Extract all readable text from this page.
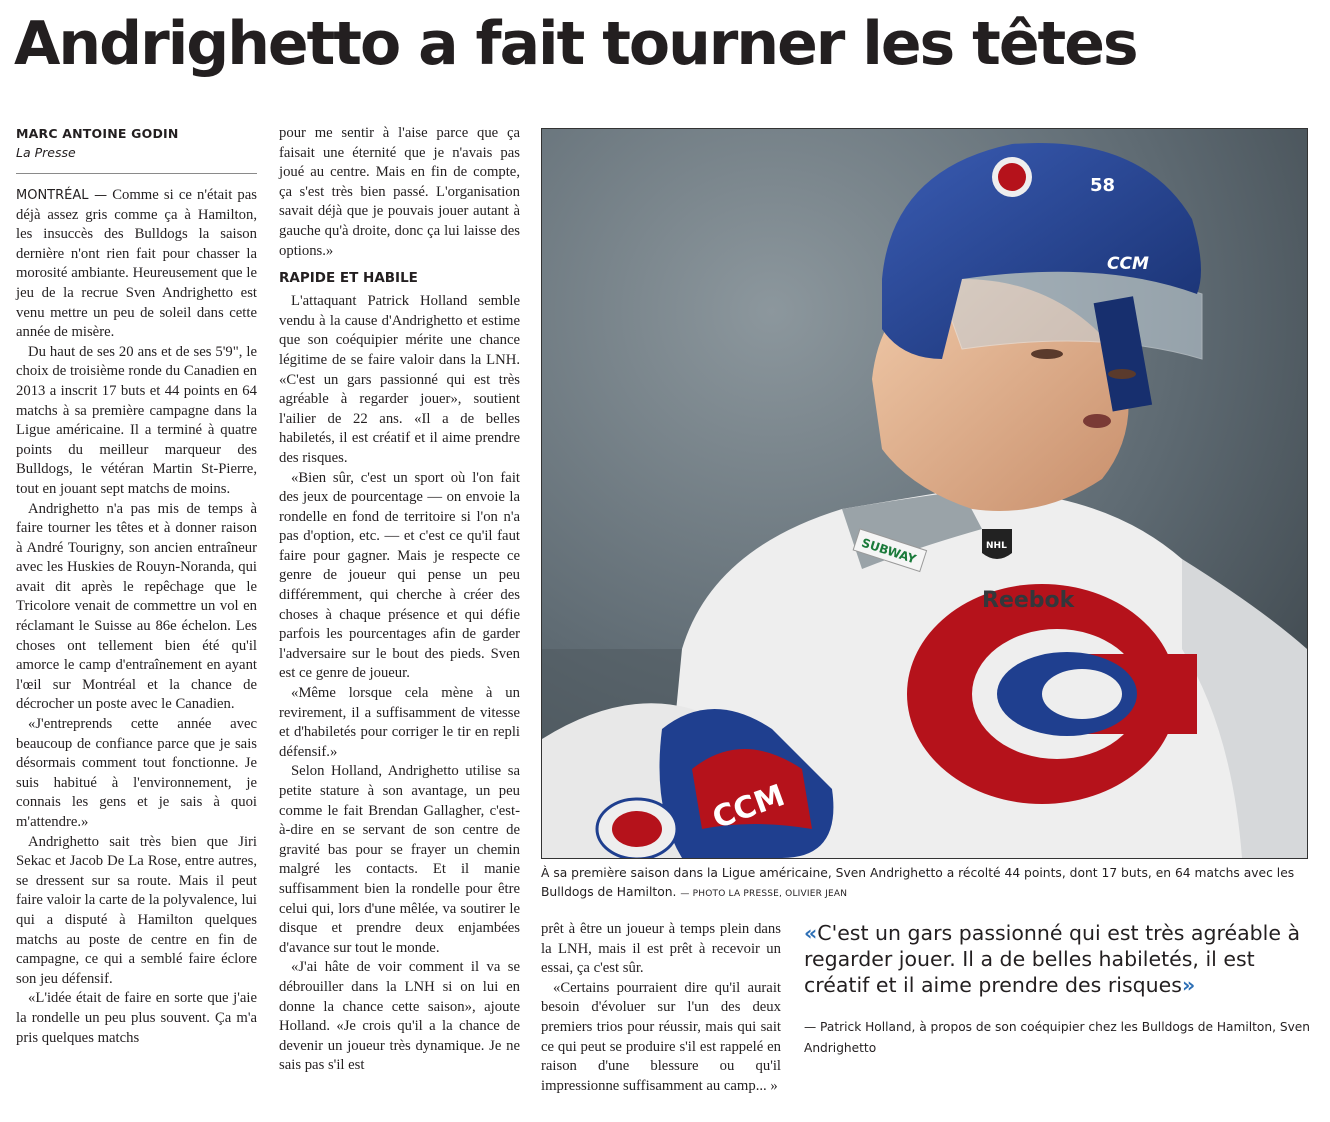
Andrighetto a fait tourner les têtes

MARC ANTOINE GODIN

La Presse

MONTRÉAL — Comme si ce n'était pas déjà assez gris comme ça à Hamilton, les insuccès des Bulldogs la saison dernière n'ont rien fait pour chasser la morosité ambiante. Heureusement que le jeu de la recrue Sven Andrighetto est venu mettre un peu de soleil dans cette année de misère.

Du haut de ses 20 ans et de ses 5'9", le choix de troisième ronde du Canadien en 2013 a inscrit 17 buts et 44 points en 64 matchs à sa première campagne dans la Ligue américaine. Il a terminé à quatre points du meilleur marqueur des Bulldogs, le vétéran Martin St-Pierre, tout en jouant sept matchs de moins.

Andrighetto n'a pas mis de temps à faire tourner les têtes et à donner raison à André Tourigny, son ancien entraîneur avec les Huskies de Rouyn-Noranda, qui avait dit après le repêchage que le Tricolore venait de commettre un vol en réclamant le Suisse au 86e échelon. Les choses ont tellement bien été qu'il amorce le camp d'entraînement en ayant l'œil sur Montréal et la chance de décrocher un poste avec le Canadien.

«J'entreprends cette année avec beaucoup de confiance parce que je sais désormais comment tout fonctionne. Je suis habitué à l'environnement, je connais les gens et je sais à quoi m'attendre.»

Andrighetto sait très bien que Jiri Sekac et Jacob De La Rose, entre autres, se dressent sur sa route. Mais il peut faire valoir la carte de la polyvalence, lui qui a disputé à Hamilton quelques matchs au poste de centre en fin de campagne, ce qui a semblé faire éclore son jeu défensif.

«L'idée était de faire en sorte que j'aie la rondelle un peu plus souvent. Ça m'a pris quelques matchs

pour me sentir à l'aise parce que ça faisait une éternité que je n'avais pas joué au centre. Mais en fin de compte, ça s'est très bien passé. L'organisation savait déjà que je pouvais jouer autant à gauche qu'à droite, donc ça lui laisse des options.»

RAPIDE ET HABILE

L'attaquant Patrick Holland semble vendu à la cause d'Andrighetto et estime que son coéquipier mérite une chance légitime de se faire valoir dans la LNH. «C'est un gars passionné qui est très agréable à regarder jouer», soutient l'ailier de 22 ans. «Il a de belles habiletés, il est créatif et il aime prendre des risques.

«Bien sûr, c'est un sport où l'on fait des jeux de pourcentage — on envoie la rondelle en fond de territoire si l'on n'a pas d'option, etc. — et c'est ce qu'il faut faire pour gagner. Mais je respecte ce genre de joueur qui pense un peu différemment, qui cherche à créer des choses à chaque présence et qui défie parfois les pourcentages afin de garder l'adversaire sur le bout des pieds. Sven est ce genre de joueur.

«Même lorsque cela mène à un revirement, il a suffisamment de vitesse et d'habiletés pour corriger le tir en repli défensif.»

Selon Holland, Andrighetto utilise sa petite stature à son avantage, un peu comme le fait Brendan Gallagher, c'est-à-dire en se servant de son centre de gravité bas pour se frayer un chemin malgré les contacts. Et il manie suffisamment bien la rondelle pour être celui qui, lors d'une mêlée, va soutirer le disque et prendre deux enjambées d'avance sur tout le monde.

«J'ai hâte de voir comment il va se débrouiller dans la LNH si on lui en donne la chance cette saison», ajoute Holland. «Je crois qu'il a la chance de devenir un joueur très dynamique. Je ne sais pas s'il est

prêt à être un joueur à temps plein dans la LNH, mais il est prêt à recevoir un essai, ça c'est sûr.

«Certains pourraient dire qu'il aurait besoin d'évoluer sur l'un des deux premiers trios pour réussir, mais qui sait ce qui peut se produire s'il est rappelé en raison d'une blessure ou qu'il impressionne suffisamment au camp... »

Reebok
SUBWAY	NHL
58
CCM
CCM
À sa première saison dans la Ligue américaine, Sven Andrighetto a récolté 44 points, dont 17 buts, en 64 matchs avec les Bulldogs de Hamilton. — PHOTO LA PRESSE, OLIVIER JEAN
«C'est un gars passionné qui est très agréable à regarder jouer. Il a de belles habiletés, il est créatif et il aime prendre des risques»
— Patrick Holland, à propos de son coéquipier chez les Bulldogs de Hamilton, Sven Andrighetto
